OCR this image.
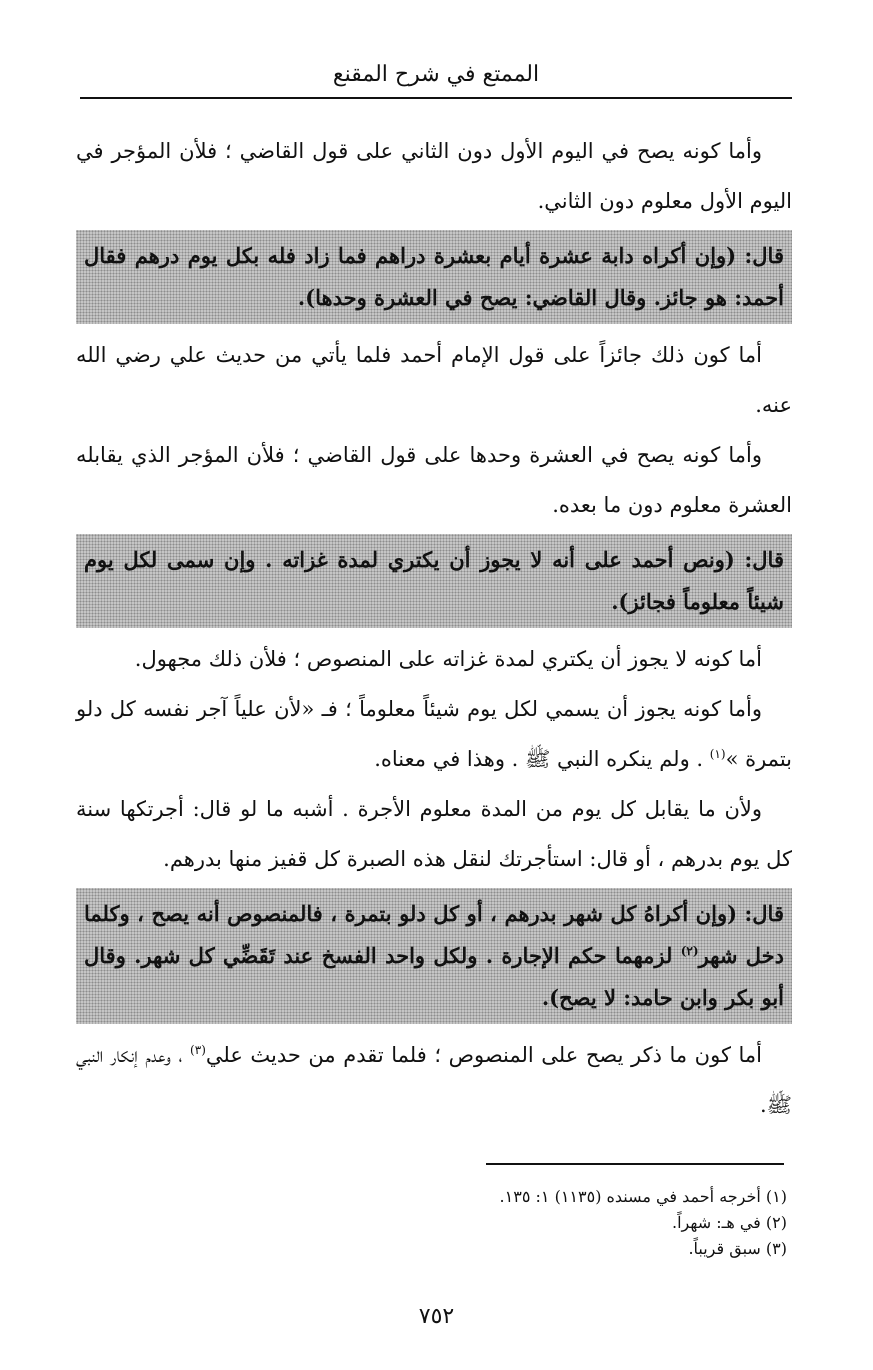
الممتع في شرح المقنع

وأما كونه يصح في اليوم الأول دون الثاني على قول القاضي ؛ فلأن المؤجر في اليوم الأول معلوم دون الثاني.

قال: (وإن أكراه دابة عشرة أيام بعشرة دراهم فما زاد فله بكل يوم درهم فقال أحمد: هو جائز. وقال القاضي: يصح في العشرة وحدها).

أما كون ذلك جائزاً على قول الإمام أحمد فلما يأتي من حديث علي رضي الله عنه.

وأما كونه يصح في العشرة وحدها على قول القاضي ؛ فلأن المؤجر الذي يقابله العشرة معلوم دون ما بعده.

قال: (ونص أحمد على أنه لا يجوز أن يكتري لمدة غزاته . وإن سمى لكل يوم شيئاً معلوماً فجائز).

أما كونه لا يجوز أن يكتري لمدة غزاته على المنصوص ؛ فلأن ذلك مجهول.

وأما كونه يجوز أن يسمي لكل يوم شيئاً معلوماً ؛ فـ «لأن علياً آجر نفسه كل دلو بتمرة »$^{(١)}$ . ولم ينكره النبي ﷺ . وهذا في معناه.

ولأن ما يقابل كل يوم من المدة معلوم الأجرة . أشبه ما لو قال: أجرتكها سنة كل يوم بدرهم ، أو قال: استأجرتك لنقل هذه الصبرة كل قفيز منها بدرهم.

قال: (وإن أكراهُ كل شهر بدرهم ، أو كل دلو بتمرة ، فالمنصوص أنه يصح ، وكلما دخل شهر$^{(٢)}$ لزمهما حكم الإجارة . ولكل واحد الفسخ عند تَقَضِّي كل شهر. وقال أبو بكر وابن حامد: لا يصح).

أما كون ما ذكر يصح على المنصوص ؛ فلما تقدم من حديث علي$^{(٣)}$ ، وعدم إنكار النبي ﷺ.

(١) أخرجه أحمد في مسنده (١١٣٥) ١: ١٣٥.
(٢) في هـ: شهراً.
(٣) سبق قريباً.
٧٥٢
